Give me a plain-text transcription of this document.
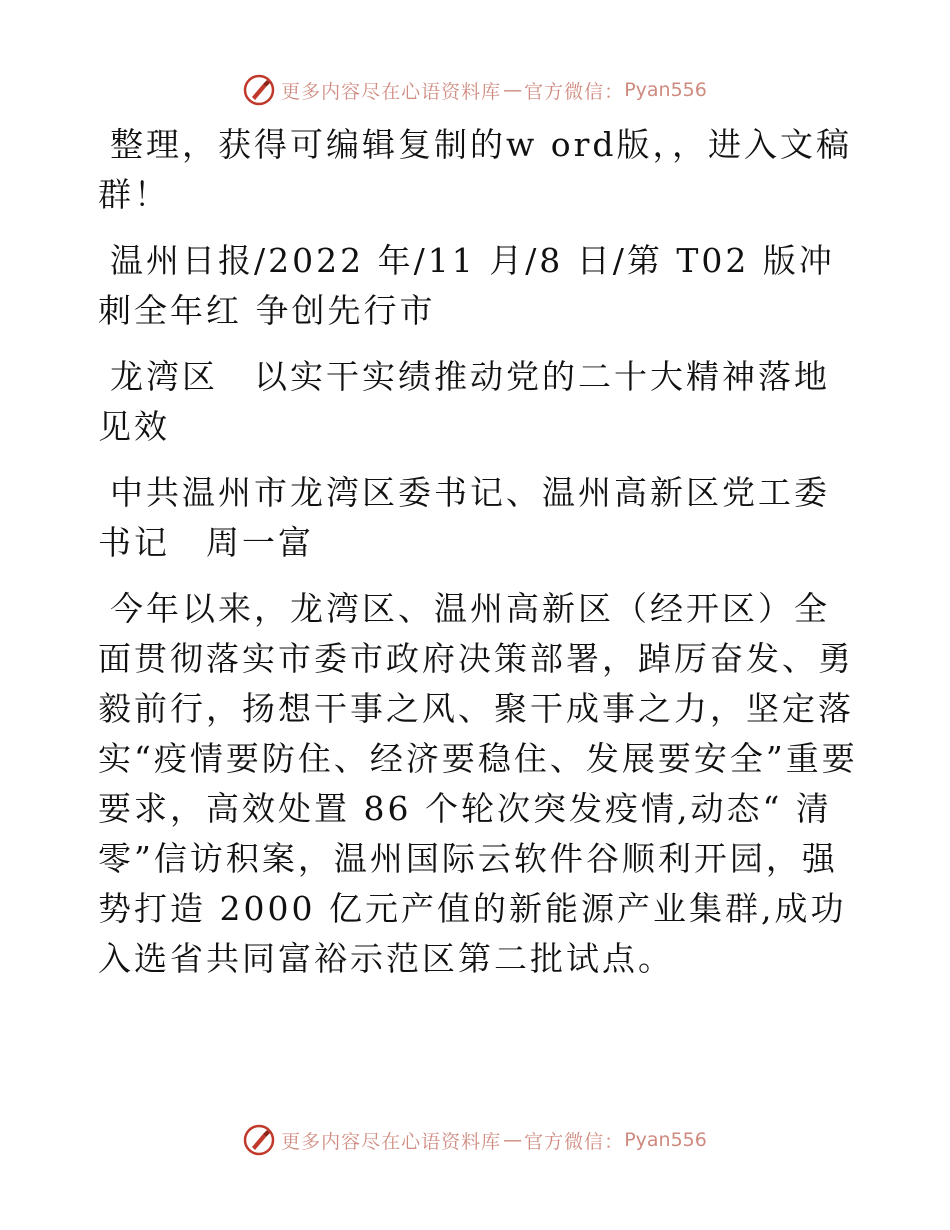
更多内容尽在心语资料库 — 官方微信： Pyan556

整理，获得可编辑复制的w ord版，，进入文稿群！

温州日报/2022 年/11 月/8 日/第 T02 版冲刺全年红 争创先行市

龙湾区　以实干实绩推动党的二十大精神落地见效

中共温州市龙湾区委书记、温州高新区党工委书记　周一富

今年以来，龙湾区、温州高新区（经开区）全面贯彻落实市委市政府决策部署，踔厉奋发、勇毅前行，扬想干事之风、聚干成事之力，坚定落实“疫情要防住、经济要稳住、发展要安全”重要要求，高效处置 86 个轮次突发疫情,动态“ 清零”信访积案，温州国际云软件谷顺利开园，强势打造 2000 亿元产值的新能源产业集群,成功入选省共同富裕示范区第二批试点。

更多内容尽在心语资料库 — 官方微信： Pyan556
